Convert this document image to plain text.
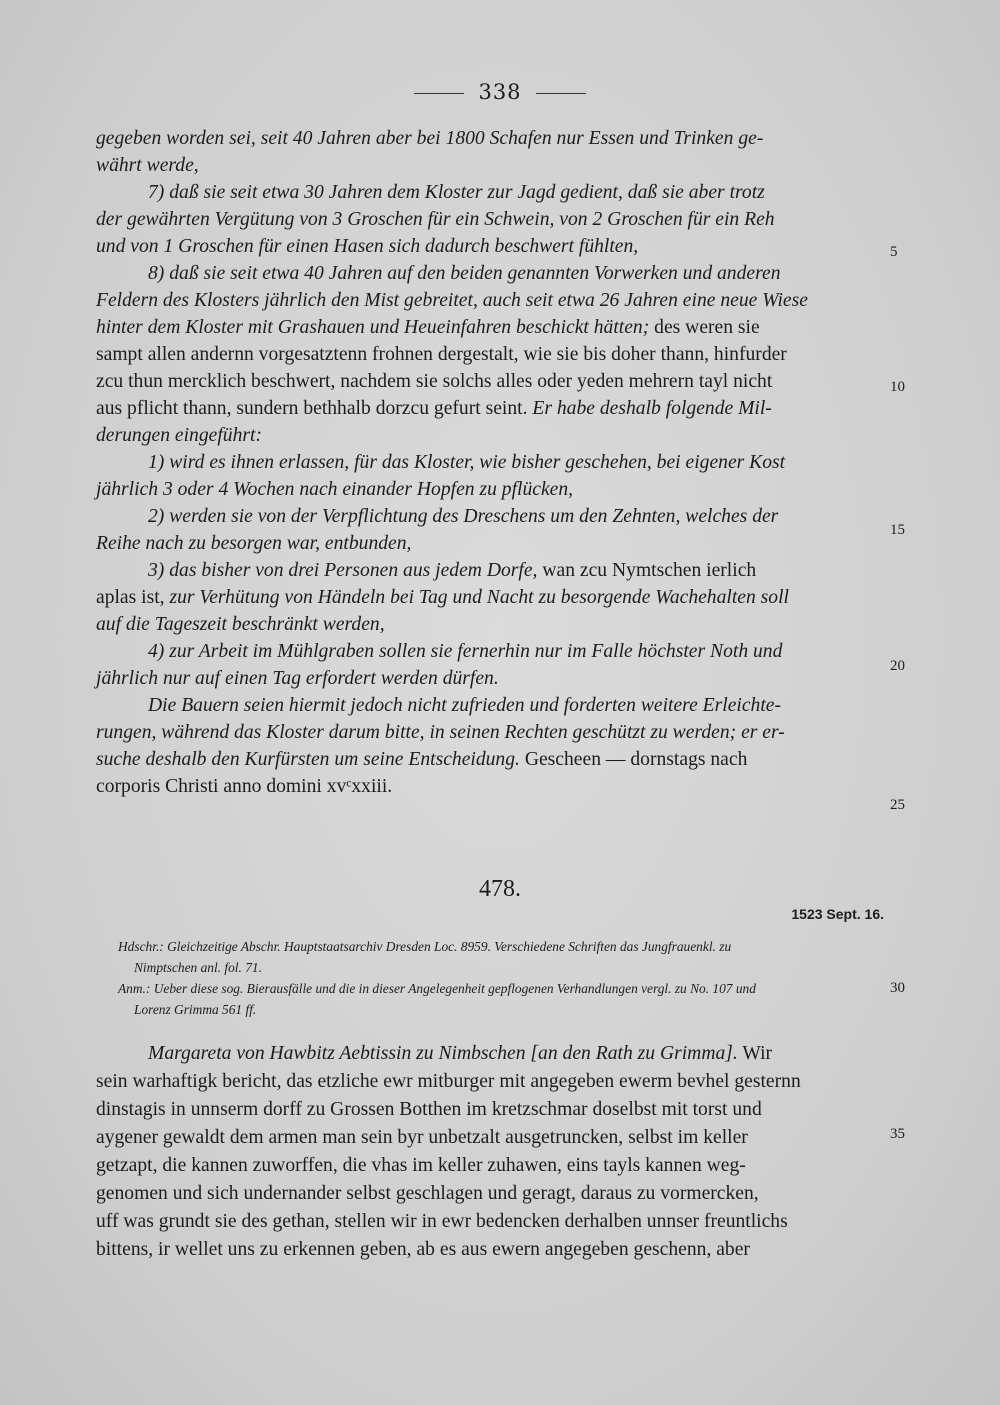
338

gegeben worden sei, seit 40 Jahren aber bei 1800 Schafen nur Essen und Trinken ge-

währt werde,

7) daß sie seit etwa 30 Jahren dem Kloster zur Jagd gedient, daß sie aber trotz

der gewährten Vergütung von 3 Groschen für ein Schwein, von 2 Groschen für ein Reh

und von 1 Groschen für einen Hasen sich dadurch beschwert fühlten,

8) daß sie seit etwa 40 Jahren auf den beiden genannten Vorwerken und anderen

Feldern des Klosters jährlich den Mist gebreitet, auch seit etwa 26 Jahren eine neue Wiese

hinter dem Kloster mit Grashauen und Heueinfahren beschickt hätten; des weren sie

sampt allen andernn vorgesatztenn frohnen dergestalt, wie sie bis doher thann, hinfurder

zcu thun mercklich beschwert, nachdem sie solchs alles oder yeden mehrern tayl nicht

aus pflicht thann, sundern bethhalb dorzcu gefurt seint. Er habe deshalb folgende Mil-

derungen eingeführt:

1) wird es ihnen erlassen, für das Kloster, wie bisher geschehen, bei eigener Kost

jährlich 3 oder 4 Wochen nach einander Hopfen zu pflücken,

2) werden sie von der Verpflichtung des Dreschens um den Zehnten, welches der

Reihe nach zu besorgen war, entbunden,

3) das bisher von drei Personen aus jedem Dorfe, wan zcu Nymtschen ierlich

aplas ist, zur Verhütung von Händeln bei Tag und Nacht zu besorgende Wachehalten soll

auf die Tageszeit beschränkt werden,

4) zur Arbeit im Mühlgraben sollen sie fernerhin nur im Falle höchster Noth und

jährlich nur auf einen Tag erfordert werden dürfen.

Die Bauern seien hiermit jedoch nicht zufrieden und forderten weitere Erleichte-

rungen, während das Kloster darum bitte, in seinen Rechten geschützt zu werden; er er-

suche deshalb den Kurfürsten um seine Entscheidung. Gescheen — dornstags nach

corporis Christi anno domini xvᶜxxiii.

5
10
15
20
25
30
35
478.
1523 Sept. 16.

Hdschr.: Gleichzeitige Abschr. Hauptstaatsarchiv Dresden Loc. 8959. Verschiedene Schriften das Jungfrauenkl. zu

Nimptschen anl. fol. 71.

Anm.: Ueber diese sog. Bierausfälle und die in dieser Angelegenheit gepflogenen Verhandlungen vergl. zu No. 107 und

Lorenz Grimma 561 ff.

Margareta von Hawbitz Aebtissin zu Nimbschen [an den Rath zu Grimma]. Wir

sein warhaftigk bericht, das etzliche ewr mitburger mit angegeben ewerm bevhel gesternn

dinstagis in unnserm dorff zu Grossen Botthen im kretzschmar doselbst mit torst und

aygener gewaldt dem armen man sein byr unbetzalt ausgetruncken, selbst im keller

getzapt, die kannen zuworffen, die vhas im keller zuhawen, eins tayls kannen weg-

genomen und sich undernander selbst geschlagen und geragt, daraus zu vormercken,

uff was grundt sie des gethan, stellen wir in ewr bedencken derhalben unnser freuntlichs

bittens, ir wellet uns zu erkennen geben, ab es aus ewern angegeben geschenn, aber
